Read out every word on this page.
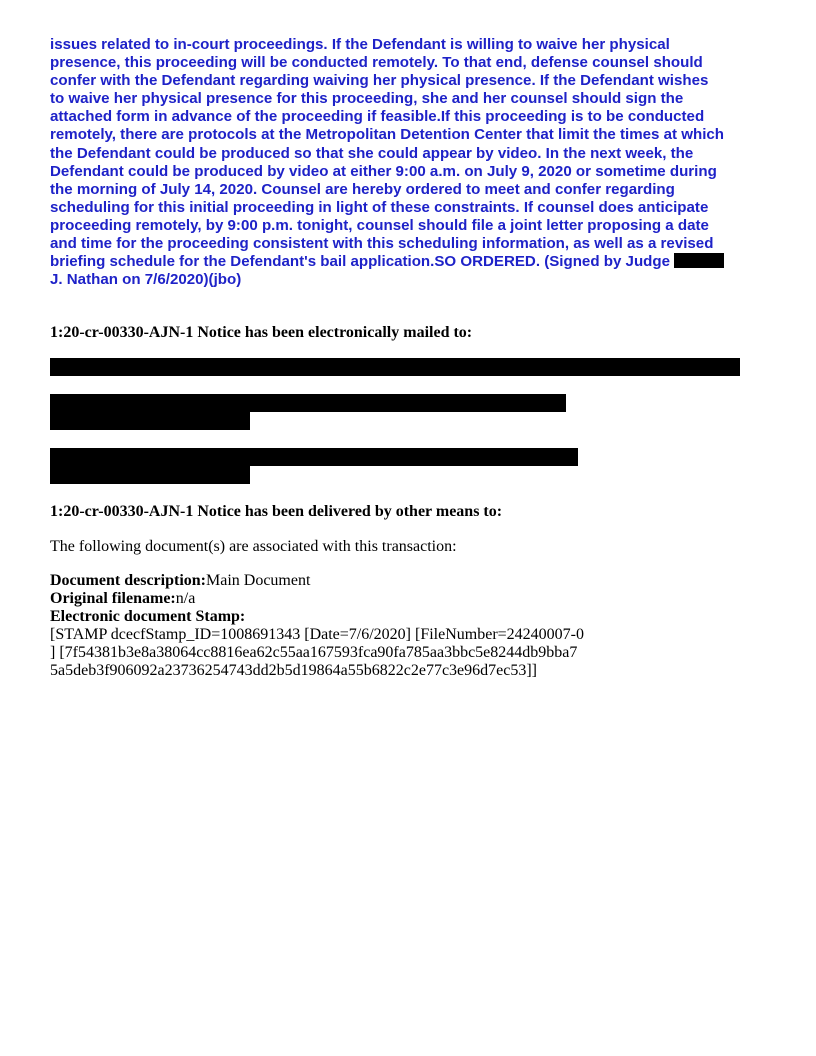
issues related to in-court proceedings. If the Defendant is willing to waive her physical
presence, this proceeding will be conducted remotely. To that end, defense counsel should
confer with the Defendant regarding waiving her physical presence. If the Defendant wishes
to waive her physical presence for this proceeding, she and her counsel should sign the
attached form in advance of the proceeding if feasible.If this proceeding is to be conducted
remotely, there are protocols at the Metropolitan Detention Center that limit the times at which
the Defendant could be produced so that she could appear by video. In the next week, the
Defendant could be produced by video at either 9:00 a.m. on July 9, 2020 or sometime during
the morning of July 14, 2020. Counsel are hereby ordered to meet and confer regarding
scheduling for this initial proceeding in light of these constraints. If counsel does anticipate
proceeding remotely, by 9:00 p.m. tonight, counsel should file a joint letter proposing a date
and time for the proceeding consistent with this scheduling information, as well as a revised
briefing schedule for the Defendant's bail application.SO ORDERED. (Signed by Judge
J. Nathan on 7/6/2020)(jbo)

1:20-cr-00330-AJN-1 Notice has been electronically mailed to:

1:20-cr-00330-AJN-1 Notice has been delivered by other means to:

The following document(s) are associated with this transaction:

Document description:Main Document
Original filename:n/a
Electronic document Stamp:
[STAMP dcecfStamp_ID=1008691343 [Date=7/6/2020] [FileNumber=24240007-0
] [7f54381b3e8a38064cc8816ea62c55aa167593fca90fa785aa3bbc5e8244db9bba7
5a5deb3f906092a23736254743dd2b5d19864a55b6822c2e77c3e96d7ec53]]
